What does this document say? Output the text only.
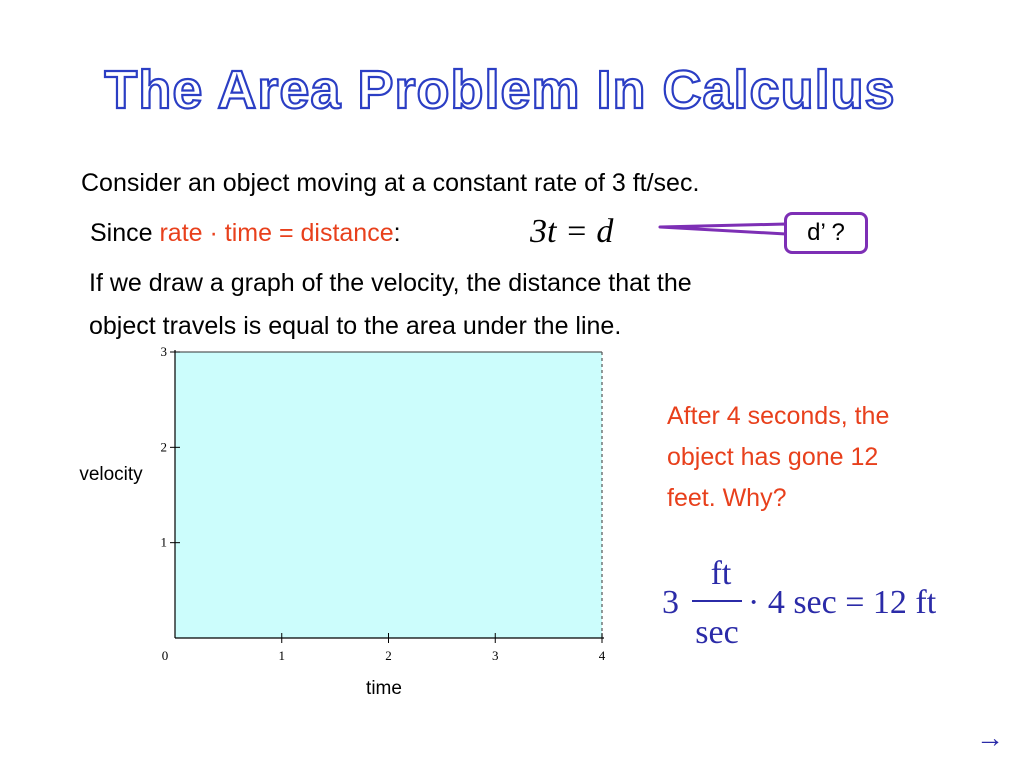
The Area Problem In Calculus
Consider an object moving at a constant rate of 3 ft/sec.
Since rate · time = distance:	3t = d	d’ ?
If we draw a graph of the velocity, the distance that the
object travels is equal to the area under the line.
0	1	2	3	4
1
2
3
velocity
time
After 4 seconds, the
object has gone 12
feet. Why?
3
ft
sec
· 4 sec = 12 ft
→
